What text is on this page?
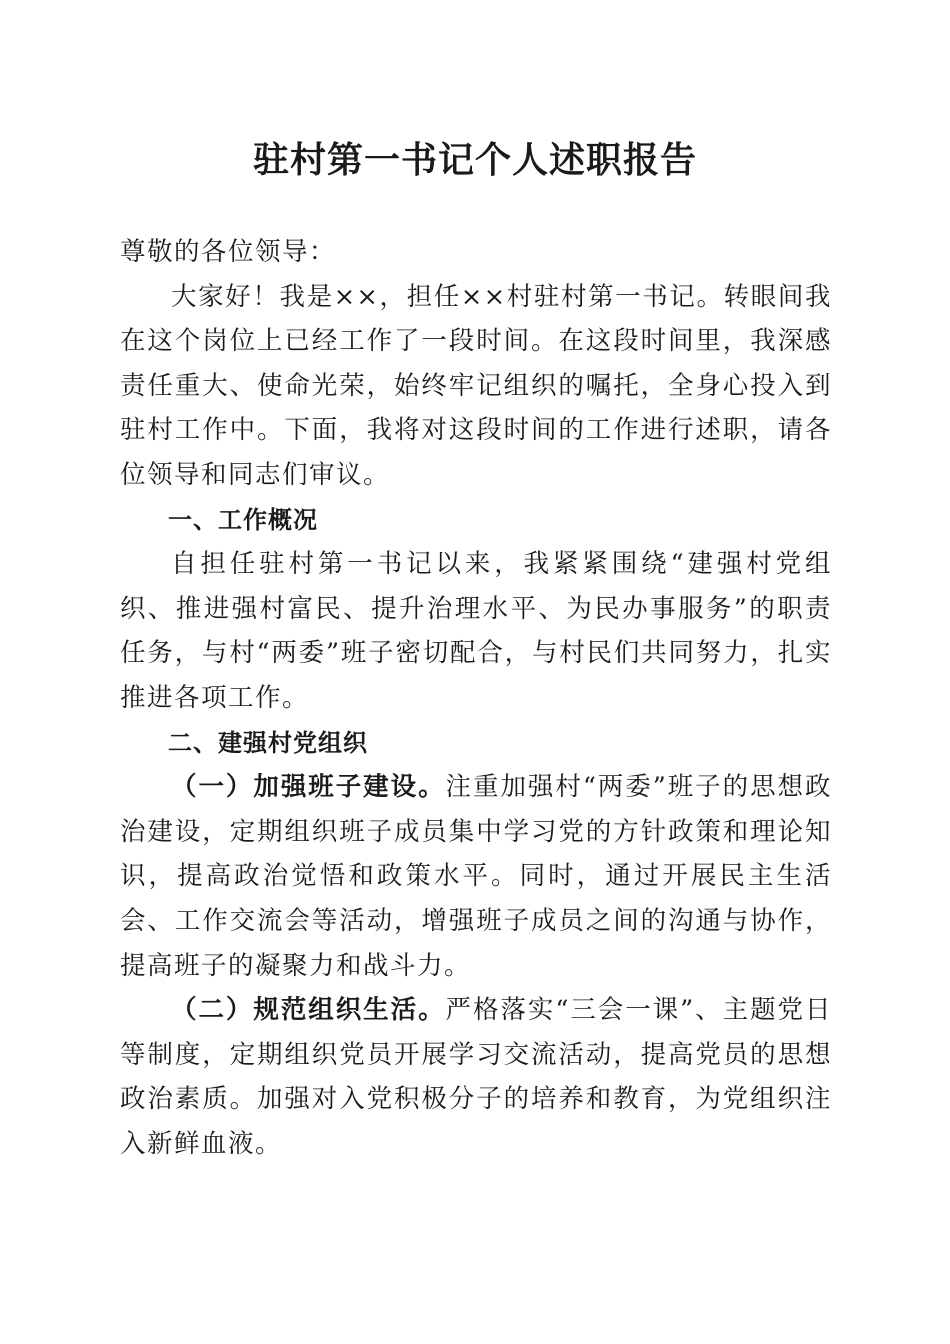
驻村第一书记个人述职报告

尊敬的各位领导：

大家好！我是××，担任××村驻村第一书记。转眼间我在这个岗位上已经工作了一段时间。在这段时间里，我深感责任重大、使命光荣，始终牢记组织的嘱托，全身心投入到驻村工作中。下面，我将对这段时间的工作进行述职，请各位领导和同志们审议。

一、工作概况

自担任驻村第一书记以来，我紧紧围绕“建强村党组织、推进强村富民、提升治理水平、为民办事服务”的职责任务，与村“两委”班子密切配合，与村民们共同努力，扎实推进各项工作。

二、建强村党组织

（一）加强班子建设。注重加强村“两委”班子的思想政治建设，定期组织班子成员集中学习党的方针政策和理论知识，提高政治觉悟和政策水平。同时，通过开展民主生活会、工作交流会等活动，增强班子成员之间的沟通与协作，提高班子的凝聚力和战斗力。

（二）规范组织生活。严格落实“三会一课”、主题党日等制度，定期组织党员开展学习交流活动，提高党员的思想政治素质。加强对入党积极分子的培养和教育，为党组织注入新鲜血液。
